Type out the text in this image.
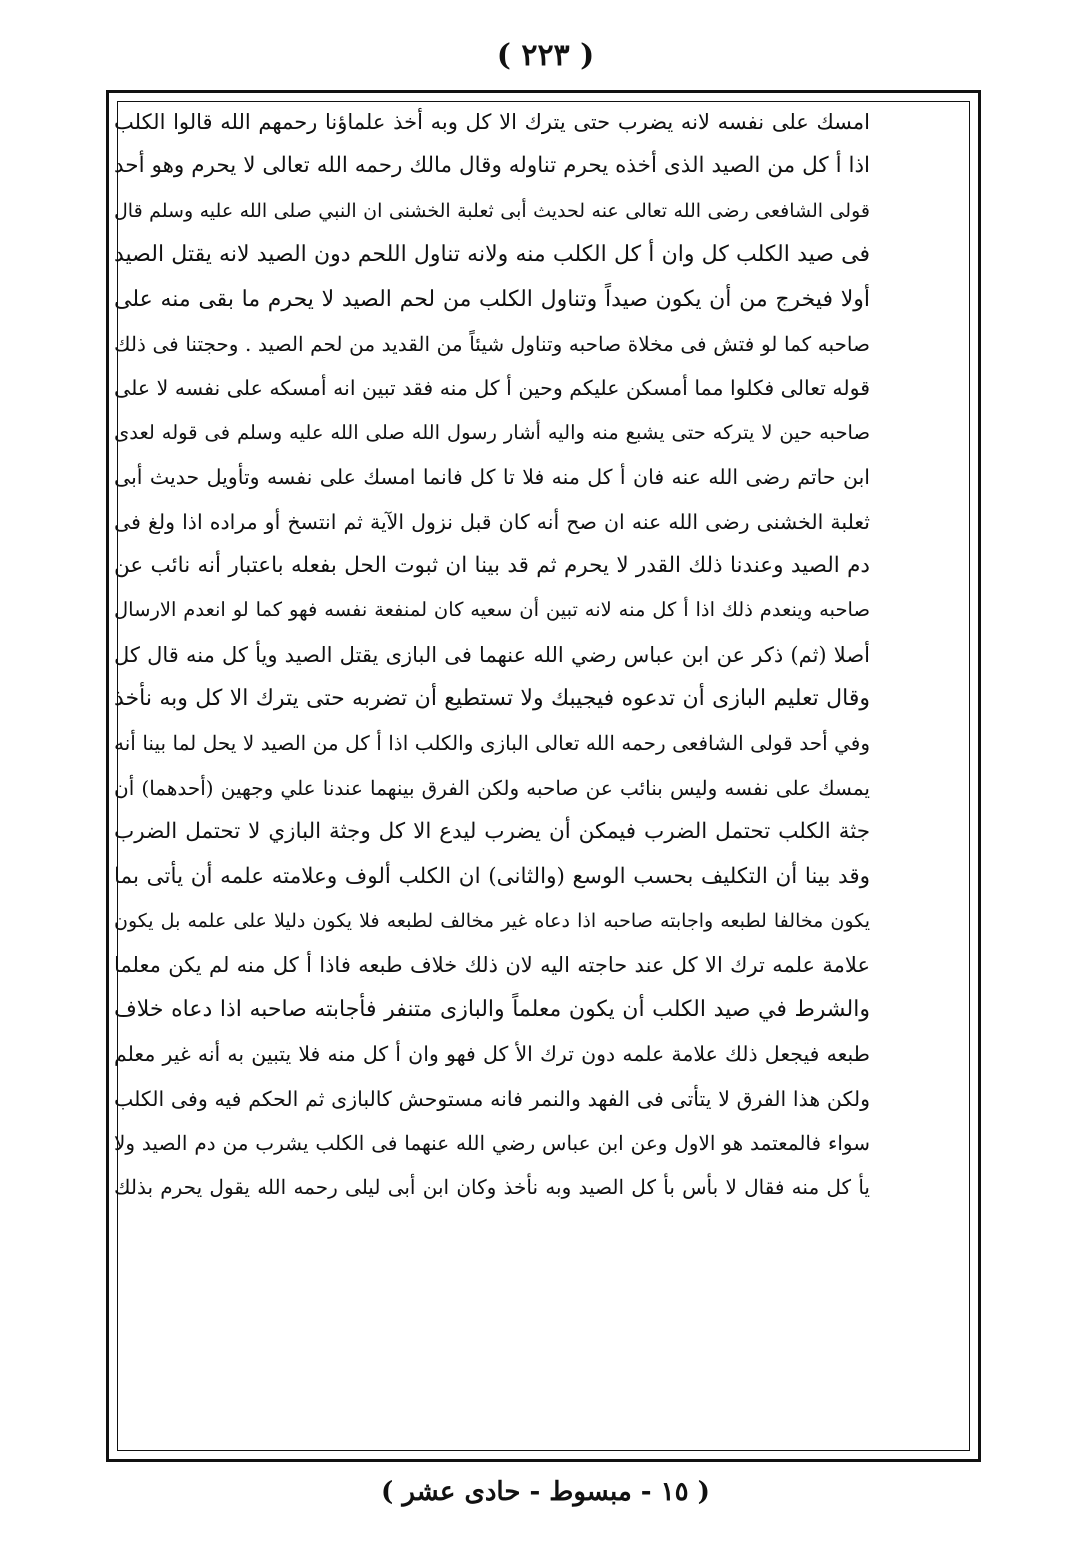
( ٢٢٣ )
امسك على نفسه لانه يضرب حتى يترك الا كل وبه أخذ علماؤنا رحمهم الله قالوا الكلب
اذا أ كل من الصيد الذى أخذه يحرم تناوله وقال مالك رحمه الله تعالى لا يحرم وهو أحد
قولى الشافعى رضى الله تعالى عنه لحديث أبى ثعلبة الخشنى ان النبي صلى الله عليه وسلم قال
فى صيد الكلب كل وان أ كل الكلب منه ولانه تناول اللحم دون الصيد لانه يقتل الصيد
أولا فيخرج من أن يكون صيداً وتناول الكلب من لحم الصيد لا يحرم ما بقى منه على
صاحبه كما لو فتش فى مخلاة صاحبه وتناول شيئاً من القديد من لحم الصيد . وحجتنا فى ذلك
قوله تعالى فكلوا مما أمسكن عليكم وحين أ كل منه فقد تبين انه أمسكه على نفسه لا على
صاحبه حين لا يتركه حتى يشبع منه واليه أشار رسول الله صلى الله عليه وسلم فى قوله لعدى
ابن حاتم رضى الله عنه فان أ كل منه فلا تا كل فانما امسك على نفسه وتأويل حديث أبى
ثعلبة الخشنى رضى الله عنه ان صح أنه كان قبل نزول الآية ثم انتسخ أو مراده اذا ولغ فى
دم الصيد وعندنا ذلك القدر لا يحرم ثم قد بينا ان ثبوت الحل بفعله باعتبار أنه نائب عن
صاحبه وينعدم ذلك اذا أ كل منه لانه تبين أن سعيه كان لمنفعة نفسه فهو كما لو انعدم الارسال
أصلا (ثم) ذكر عن ابن عباس رضي الله عنهما فى البازى يقتل الصيد ويأ كل منه قال كل
وقال تعليم البازى أن تدعوه فيجيبك ولا تستطيع أن تضربه حتى يترك الا كل وبه نأخذ
وفي أحد قولى الشافعى رحمه الله تعالى البازى والكلب اذا أ كل من الصيد لا يحل لما بينا أنه
يمسك على نفسه وليس بنائب عن صاحبه ولكن الفرق بينهما عندنا علي وجهين (أحدهما) أن
جثة الكلب تحتمل الضرب فيمكن أن يضرب ليدع الا كل وجثة البازي لا تحتمل الضرب
وقد بينا أن التكليف بحسب الوسع (والثانى) ان الكلب ألوف وعلامته علمه أن يأتى بما
يكون مخالفا لطبعه واجابته صاحبه اذا دعاه غير مخالف لطبعه فلا يكون دليلا على علمه بل يكون
علامة علمه ترك الا كل عند حاجته اليه لان ذلك خلاف طبعه فاذا أ كل منه لم يكن معلما
والشرط في صيد الكلب أن يكون معلماً والبازى متنفر فأجابته صاحبه اذا دعاه خلاف
طبعه فيجعل ذلك علامة علمه دون ترك الأ كل فهو وان أ كل منه فلا يتبين به أنه غير معلم
ولكن هذا الفرق لا يتأتى فى الفهد والنمر فانه مستوحش كالبازى ثم الحكم فيه وفى الكلب
سواء فالمعتمد هو الاول وعن ابن عباس رضي الله عنهما فى الكلب يشرب من دم الصيد ولا
يأ كل منه فقال لا بأس بأ كل الصيد وبه نأخذ وكان ابن أبى ليلى رحمه الله يقول يحرم بذلك
( ١٥ - مبسوط - حادى عشر )
